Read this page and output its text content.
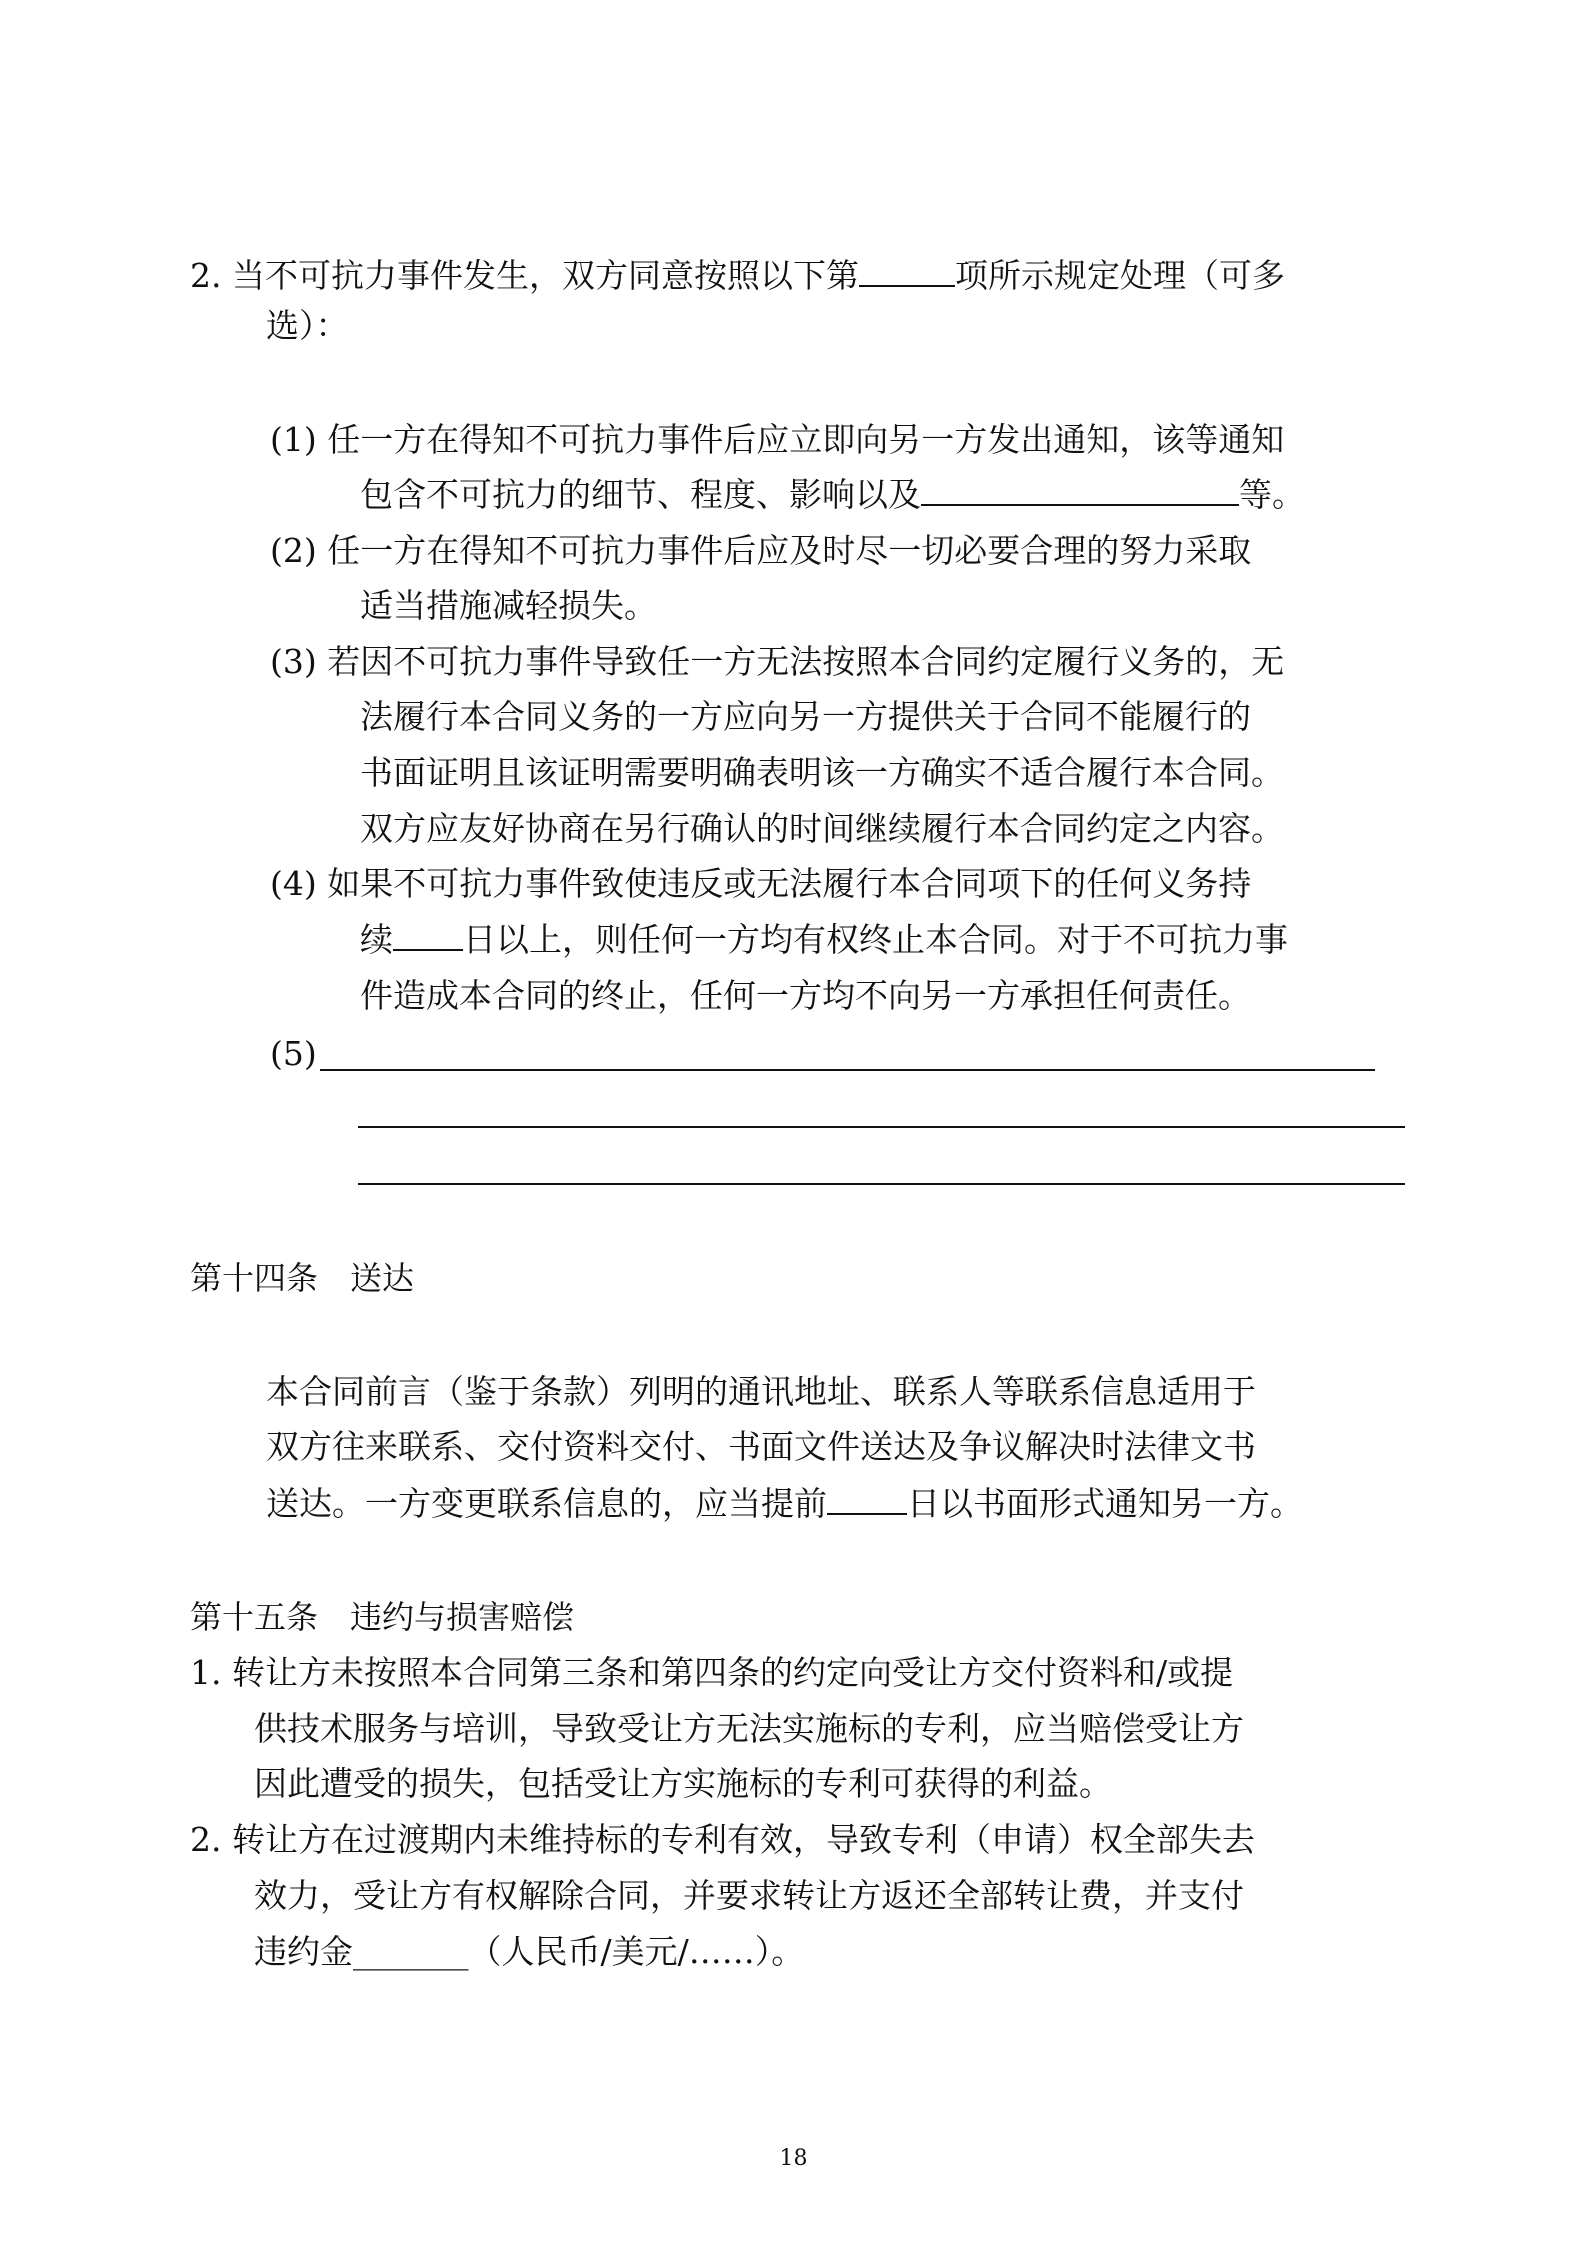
2. 当不可抗力事件发生，双方同意按照以下第	项所示规定处理（可多
选）：
(1) 任一方在得知不可抗力事件后应立即向另一方发出通知，该等通知
包含不可抗力的细节、程度、影响以及	等。
(2) 任一方在得知不可抗力事件后应及时尽一切必要合理的努力采取
适当措施减轻损失。
(3) 若因不可抗力事件导致任一方无法按照本合同约定履行义务的，无
法履行本合同义务的一方应向另一方提供关于合同不能履行的
书面证明且该证明需要明确表明该一方确实不适合履行本合同。
双方应友好协商在另行确认的时间继续履行本合同约定之内容。
(4) 如果不可抗力事件致使违反或无法履行本合同项下的任何义务持
续 日以上，则任何一方均有权终止本合同。对于不可抗力事
件造成本合同的终止，任何一方均不向另一方承担任何责任。
(5)
第十四条　送达
本合同前言（鉴于条款）列明的通讯地址、联系人等联系信息适用于
双方往来联系、交付资料交付、书面文件送达及争议解决时法律文书
送达。一方变更联系信息的，应当提前 日以书面形式通知另一方。
第十五条　违约与损害赔偿
1. 转让方未按照本合同第三条和第四条的约定向受让方交付资料和/或提
供技术服务与培训，导致受让方无法实施标的专利，应当赔偿受让方
因此遭受的损失，包括受让方实施标的专利可获得的利益。
2. 转让方在过渡期内未维持标的专利有效，导致专利（申请）权全部失去
效力，受让方有权解除合同，并要求转让方返还全部转让费，并支付
违约金_______（人民币/美元/……）。
18
